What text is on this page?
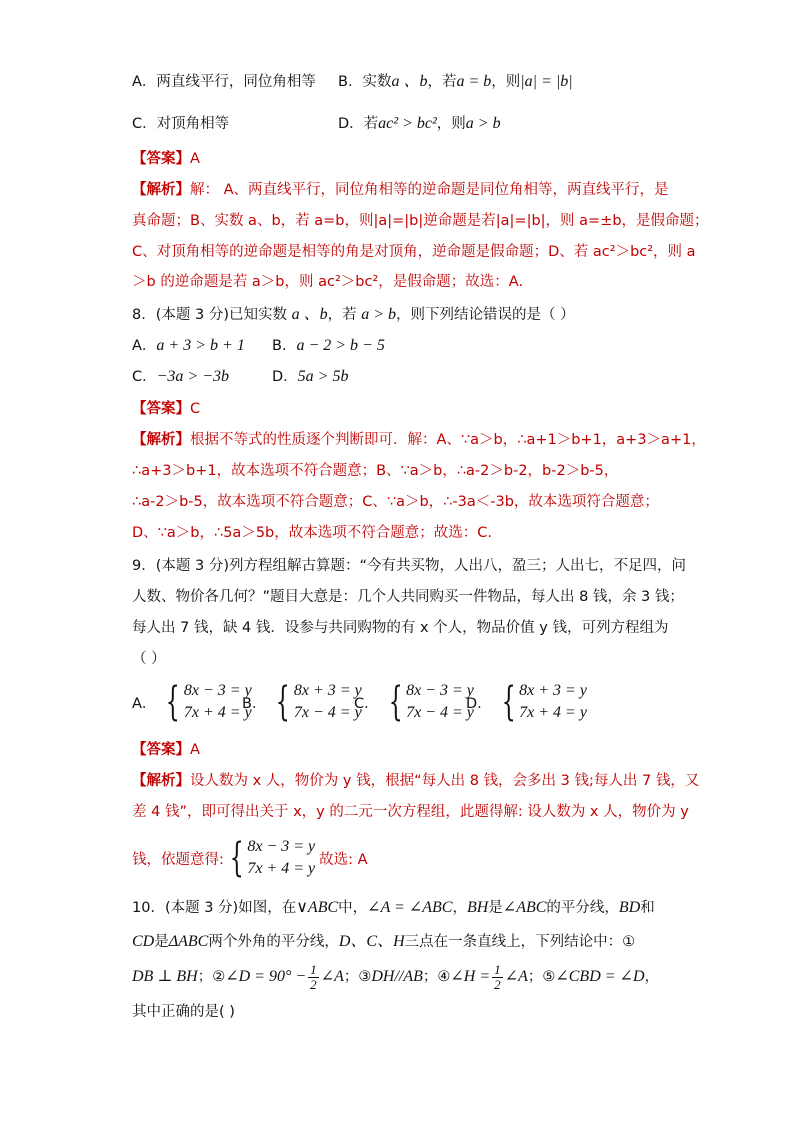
A．两直线平行，同位角相等 B．实数a 、b，若a = b，则|a| = |b|
C．对顶角相等	D．若ac² > bc²，则a > b
【答案】A
【解析】解： A、两直线平行，同位角相等的逆命题是同位角相等，两直线平行，是
真命题；B、实数 a、b，若 a=b，则|a|=|b|逆命题是若|a|=|b|，则 a=±b，是假命题；
C、对顶角相等的逆命题是相等的角是对顶角，逆命题是假命题；D、若 ac²＞bc²，则 a
＞b 的逆命题是若 a＞b，则 ac²＞bc²，是假命题；故选：A.
8．(本题 3 分)已知实数 a 、b，若 a > b，则下列结论错误的是（ ）
A．a + 3 > b + 1 B．a − 2 > b − 5
C．−3a > −3b	D．5a > 5b
【答案】C
【解析】根据不等式的性质逐个判断即可．解：A、∵a＞b，∴a+1＞b+1，a+3＞a+1，
∴a+3＞b+1，故本选项不符合题意；B、∵a＞b，∴a-2＞b-2，b-2＞b-5，
∴a-2＞b-5，故本选项不符合题意；C、∵a＞b，∴-3a＜-3b，故本选项符合题意；
D、∵a＞b，∴5a＞5b，故本选项不符合题意；故选：C.
9．(本题 3 分)列方程组解古算题：“今有共买物，人出八，盈三；人出七，不足四，问
人数、物价各几何？”题目大意是：几个人共同购买一件物品，每人出 8 钱，余 3 钱；
每人出 7 钱，缺 4 钱．设参与共同购物的有 x 个人，物品价值 y 钱，可列方程组为
（ ）
A． { 8x − 3 = y
7x + 4 = y
B． { 8x + 3 = y
7x − 4 = y
C． { 8x − 3 = y
7x − 4 = y
D． { 8x + 3 = y
7x + 4 = y
【答案】A
【解析】设人数为 x 人，物价为 y 钱，根据“每人出 8 钱，会多出 3 钱;每人出 7 钱，又
差 4 钱”，即可得出关于 x，y 的二元一次方程组，此题得解: 设人数为 x 人，物价为 y
钱，依题意得: { 8x − 3 = y
7x + 4 = y
故选: A
10．(本题 3 分)如图，在∨ABC中，∠A = ∠ABC，BH是∠ABC的平分线，BD和
CD是ΔABC两个外角的平分线，D、C、H三点在一条直线上，下列结论中：①
DB ⊥ BH；②∠D = $90^\circ - \frac{1}{2}$ ∠A；③DH//AB；④∠H = $\frac{1}{2}$ ∠A；⑤∠CBD = ∠D，
其中正确的是( )
